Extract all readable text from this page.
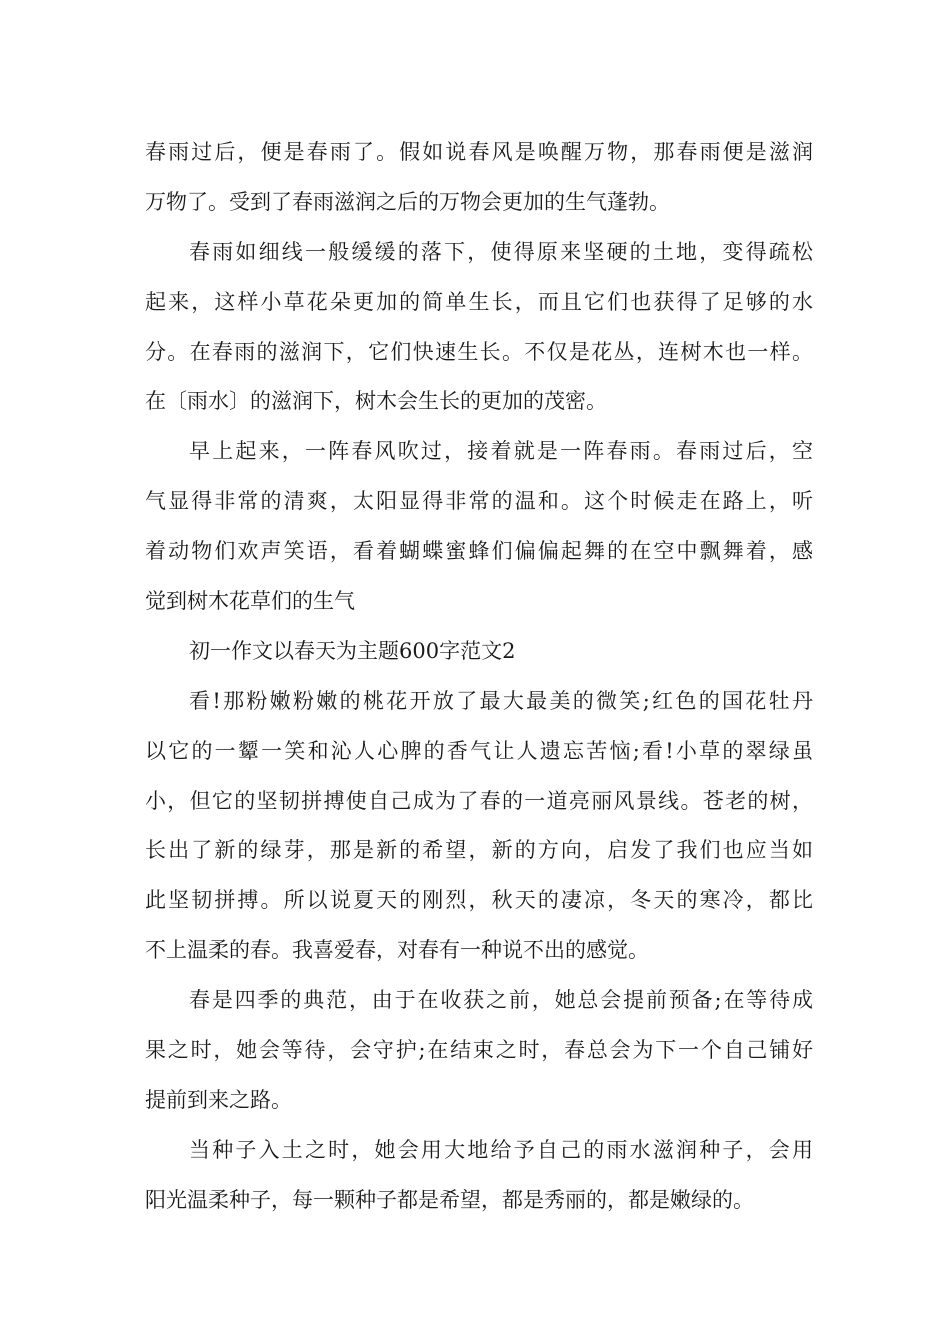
春雨过后，便是春雨了。假如说春风是唤醒万物，那春雨便是滋润
万物了。受到了春雨滋润之后的万物会更加的生气蓬勃。
春雨如细线一般缓缓的落下，使得原来坚硬的土地，变得疏松
起来，这样小草花朵更加的简单生长，而且它们也获得了足够的水
分。在春雨的滋润下，它们快速生长。不仅是花丛，连树木也一样。
在〔雨水〕的滋润下，树木会生长的更加的茂密。
早上起来，一阵春风吹过，接着就是一阵春雨。春雨过后，空
气显得非常的清爽，太阳显得非常的温和。这个时候走在路上，听
着动物们欢声笑语，看着蝴蝶蜜蜂们偏偏起舞的在空中飘舞着，感
觉到树木花草们的生气
初一作文以春天为主题600字范文2
看!那粉嫩粉嫩的桃花开放了最大最美的微笑;红色的国花牡丹
以它的一颦一笑和沁人心脾的香气让人遗忘苦恼;看!小草的翠绿虽
小，但它的坚韧拼搏使自己成为了春的一道亮丽风景线。苍老的树，
长出了新的绿芽，那是新的希望，新的方向，启发了我们也应当如
此坚韧拼搏。所以说夏天的刚烈，秋天的凄凉，冬天的寒冷，都比
不上温柔的春。我喜爱春，对春有一种说不出的感觉。
春是四季的典范，由于在收获之前，她总会提前预备;在等待成
果之时，她会等待，会守护;在结束之时，春总会为下一个自己铺好
提前到来之路。
当种子入土之时，她会用大地给予自己的雨水滋润种子，会用
阳光温柔种子，每一颗种子都是希望，都是秀丽的，都是嫩绿的。
